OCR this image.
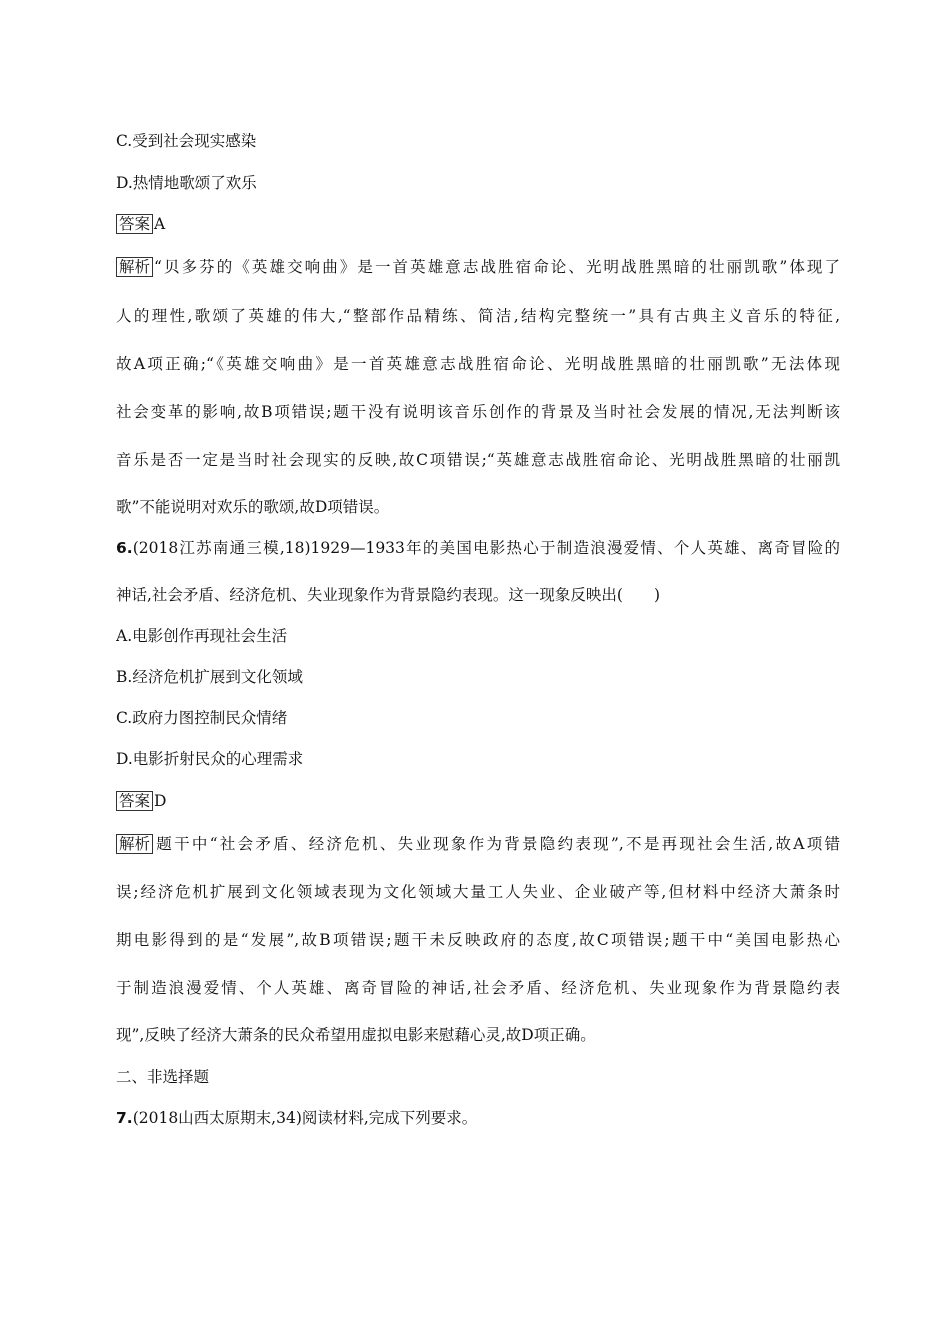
C.受到社会现实感染
D.热情地歌颂了欢乐
答案 A
解析 “贝多芬的《英雄交响曲》是一首英雄意志战胜宿命论、光明战胜黑暗的壮丽凯歌”体现了
人的理性,歌颂了英雄的伟大,“整部作品精练、简洁,结构完整统一”具有古典主义音乐的特征,
故A项正确;“《英雄交响曲》是一首英雄意志战胜宿命论、光明战胜黑暗的壮丽凯歌”无法体现
社会变革的影响,故B项错误;题干没有说明该音乐创作的背景及当时社会发展的情况,无法判断该
音乐是否一定是当时社会现实的反映,故C项错误;“英雄意志战胜宿命论、光明战胜黑暗的壮丽凯
歌”不能说明对欢乐的歌颂,故D项错误。
6.(2018江苏南通三模,18)1929—1933年的美国电影热心于制造浪漫爱情、个人英雄、离奇冒险的
神话,社会矛盾、经济危机、失业现象作为背景隐约表现。这一现象反映出(　　)
A.电影创作再现社会生活
B.经济危机扩展到文化领域
C.政府力图控制民众情绪
D.电影折射民众的心理需求
答案 D
解析 题干中“社会矛盾、经济危机、失业现象作为背景隐约表现”,不是再现社会生活,故A项错
误;经济危机扩展到文化领域表现为文化领域大量工人失业、企业破产等,但材料中经济大萧条时
期电影得到的是“发展”,故B项错误;题干未反映政府的态度,故C项错误;题干中“美国电影热心
于制造浪漫爱情、个人英雄、离奇冒险的神话,社会矛盾、经济危机、失业现象作为背景隐约表
现”,反映了经济大萧条的民众希望用虚拟电影来慰藉心灵,故D项正确。
二、非选择题
7.(2018山西太原期末,34)阅读材料,完成下列要求。
